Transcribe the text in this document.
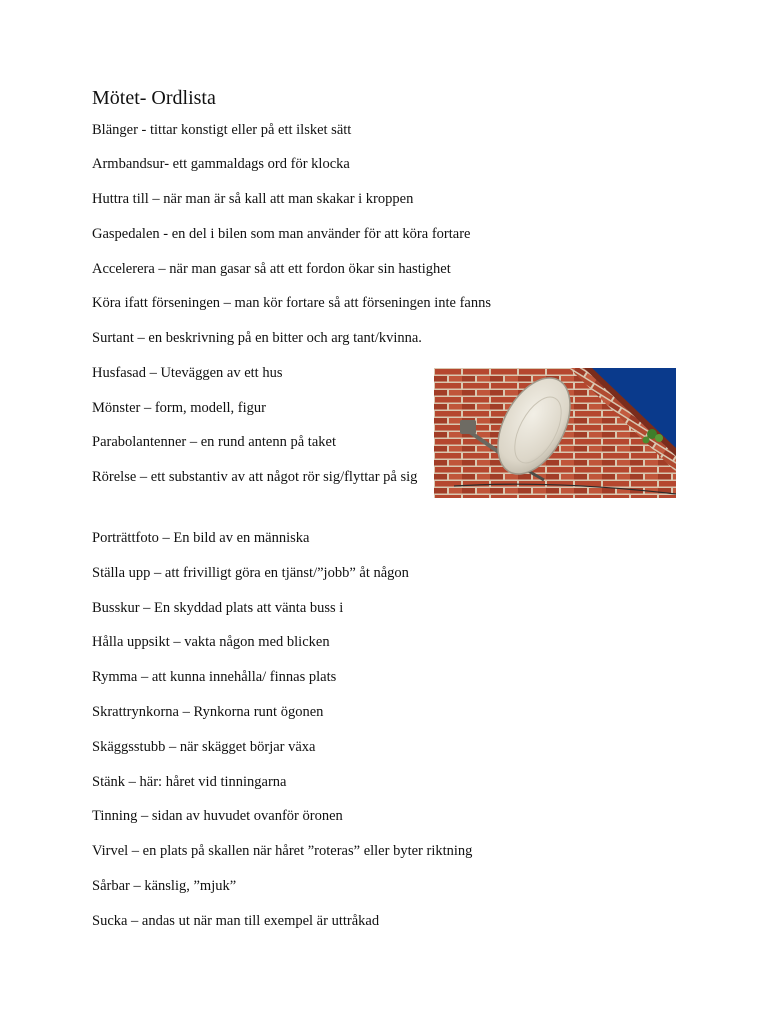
Mötet- Ordlista
Blänger - tittar konstigt eller på ett ilsket sätt
Armbandsur- ett gammaldags ord för klocka
Huttra till – när man är så kall att man skakar i kroppen
Gaspedalen - en del i bilen som man använder för att köra fortare
Accelerera – när man gasar så att ett fordon ökar sin hastighet
Köra ifatt förseningen – man kör fortare så att förseningen inte fanns
Surtant – en beskrivning på en bitter och arg tant/kvinna.
Husfasad – Uteväggen av ett hus
Mönster – form, modell, figur
Parabolantenner – en rund antenn på taket
Rörelse – ett substantiv av att något rör sig/flyttar på sig
Porträttfoto – En bild av en människa
Ställa upp – att frivilligt göra en tjänst/”jobb” åt någon
Busskur – En skyddad plats att vänta buss i
Hålla uppsikt – vakta någon med blicken
Rymma – att kunna innehålla/ finnas plats
Skrattrynkorna – Rynkorna runt ögonen
Skäggsstubb – när skägget börjar växa
Stänk – här: håret vid tinningarna
Tinning – sidan av huvudet ovanför öronen
Virvel – en plats på skallen när håret ”roteras” eller byter riktning
Sårbar – känslig, ”mjuk”
Sucka – andas ut när man till exempel är uttråkad
